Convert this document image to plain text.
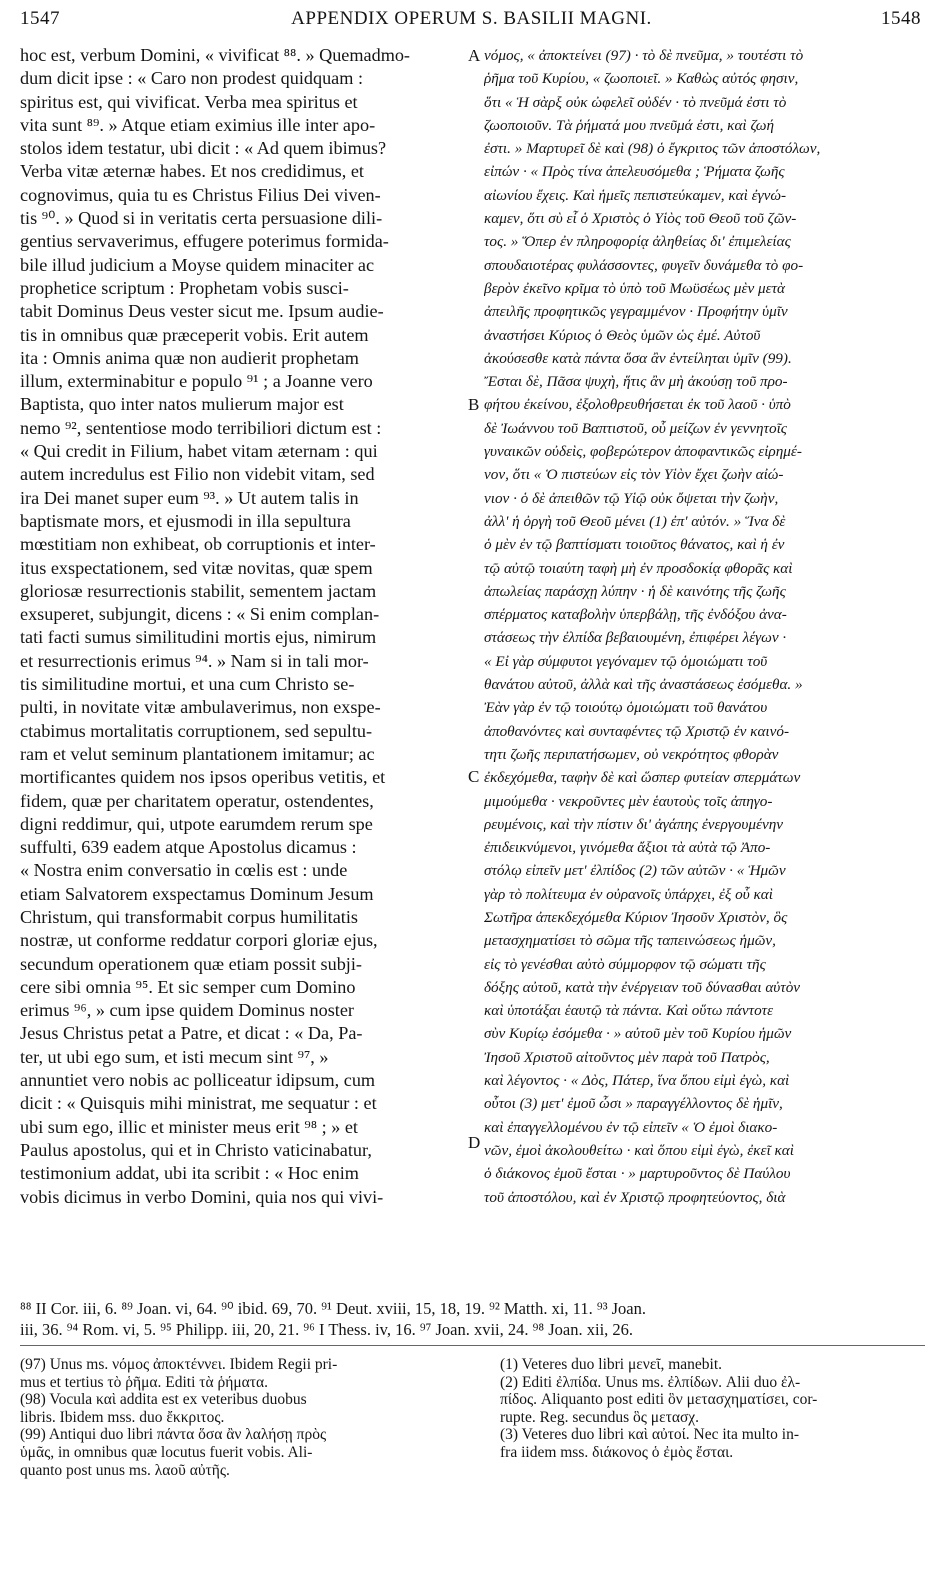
1547	APPENDIX OPERUM S. BASILII MAGNI.	1548
hoc est, verbum Domini, « vivificat ⁸⁸. » Quemadmo-
dum dicit ipse : « Caro non prodest quidquam :
spiritus est, qui vivificat. Verba mea spiritus et
vita sunt ⁸⁹. » Atque etiam eximius ille inter apo-
stolos idem testatur, ubi dicit : « Ad quem ibimus?
Verba vitæ æternæ habes. Et nos credidimus, et
cognovimus, quia tu es Christus Filius Dei viven-
tis ⁹⁰. » Quod si in veritatis certa persuasione dili-
gentius servaverimus, effugere poterimus formida-
bile illud judicium a Moyse quidem minaciter ac
prophetice scriptum : Prophetam vobis susci-
tabit Dominus Deus vester sicut me. Ipsum audie-
tis in omnibus quæ præceperit vobis. Erit autem
ita : Omnis anima quæ non audierit prophetam
illum, exterminabitur e populo ⁹¹ ; a Joanne vero
Baptista, quo inter natos mulierum major est
nemo ⁹², sententiose modo terribiliori dictum est :
« Qui credit in Filium, habet vitam æternam : qui
autem incredulus est Filio non videbit vitam, sed
ira Dei manet super eum ⁹³. » Ut autem talis in
baptismate mors, et ejusmodi in illa sepultura
mœstitiam non exhibeat, ob corruptionis et inter-
itus exspectationem, sed vitæ novitas, quæ spem
gloriosæ resurrectionis stabilit, sementem jactam
exsuperet, subjungit, dicens : « Si enim complan-
tati facti sumus similitudini mortis ejus, nimirum
et resurrectionis erimus ⁹⁴. » Nam si in tali mor-
tis similitudine mortui, et una cum Christo se-
pulti, in novitate vitæ ambulaverimus, non exspe-
ctabimus mortalitatis corruptionem, sed sepultu-
ram et velut seminum plantationem imitamur; ac
mortificantes quidem nos ipsos operibus vetitis, et
fidem, quæ per charitatem operatur, ostendentes,
digni reddimur, qui, utpote earumdem rerum spe
suffulti, 639 eadem atque Apostolus dicamus :
« Nostra enim conversatio in cœlis est : unde
etiam Salvatorem exspectamus Dominum Jesum
Christum, qui transformabit corpus humilitatis
nostræ, ut conforme reddatur corpori gloriæ ejus,
secundum operationem quæ etiam possit subji-
cere sibi omnia ⁹⁵. Et sic semper cum Domino
erimus ⁹⁶, » cum ipse quidem Dominus noster
Jesus Christus petat a Patre, et dicat : « Da, Pa-
ter, ut ubi ego sum, et isti mecum sint ⁹⁷, »
annuntiet vero nobis ac polliceatur idipsum, cum
dicit : « Quisquis mihi ministrat, me sequatur : et
ubi sum ego, illic et minister meus erit ⁹⁸ ; » et
Paulus apostolus, qui et in Christo vaticinabatur,
testimonium addat, ubi ita scribit : « Hoc enim
vobis dicimus in verbo Domini, quia nos qui vivi-
νόμος, « ἀποκτείνει (97) · τὸ δὲ πνεῦμα, » τουτέστι τὸ
ῥῆμα τοῦ Κυρίου, « ζωοποιεῖ. » Καθὼς αὐτός φησιν,
ὅτι « Ἡ σὰρξ οὐκ ὠφελεῖ οὐδέν · τὸ πνεῦμά ἐστι τὸ
ζωοποιοῦν. Τὰ ῥήματά μου πνεῦμά ἐστι, καὶ ζωή
ἐστι. » Μαρτυρεῖ δὲ καὶ (98) ὁ ἔγκριτος τῶν ἀποστόλων,
εἰπών · « Πρὸς τίνα ἀπελευσόμεθα ; Ῥήματα ζωῆς
αἰωνίου ἔχεις. Καὶ ἡμεῖς πεπιστεύκαμεν, καὶ ἐγνώ-
καμεν, ὅτι σὺ εἶ ὁ Χριστὸς ὁ Υἱὸς τοῦ Θεοῦ τοῦ ζῶν-
τος. » Ὅπερ ἐν πληροφορίᾳ ἀληθείας δι' ἐπιμελείας
σπουδαιοτέρας φυλάσσοντες, φυγεῖν δυνάμεθα τὸ φο-
βερὸν ἐκεῖνο κρῖμα τὸ ὑπὸ τοῦ Μωϋσέως μὲν μετὰ
ἀπειλῆς προφητικῶς γεγραμμένον · Προφήτην ὑμῖν
ἀναστήσει Κύριος ὁ Θεὸς ὑμῶν ὡς ἐμέ. Αὐτοῦ
ἀκούσεσθε κατὰ πάντα ὅσα ἂν ἐντείληται ὑμῖν (99).
Ἔσται δὲ, Πᾶσα ψυχὴ, ἥτις ἂν μὴ ἀκούσῃ τοῦ προ-
φήτου ἐκείνου, ἐξολοθρευθήσεται ἐκ τοῦ λαοῦ · ὑπὸ
δὲ Ἰωάννου τοῦ Βαπτιστοῦ, οὗ μείζων ἐν γεννητοῖς
γυναικῶν οὐδεὶς, φοβερώτερον ἀποφαντικῶς εἰρημέ-
νον, ὅτι « Ὁ πιστεύων εἰς τὸν Υἱὸν ἔχει ζωὴν αἰώ-
νιον · ὁ δὲ ἀπειθῶν τῷ Υἱῷ οὐκ ὄψεται τὴν ζωὴν,
ἀλλ' ἡ ὀργὴ τοῦ Θεοῦ μένει (1) ἐπ' αὐτόν. » Ἵνα δὲ
ὁ μὲν ἐν τῷ βαπτίσματι τοιοῦτος θάνατος, καὶ ἡ ἐν
τῷ αὐτῷ τοιαύτη ταφὴ μὴ ἐν προσδοκίᾳ φθορᾶς καὶ
ἀπωλείας παράσχῃ λύπην · ἡ δὲ καινότης τῆς ζωῆς
σπέρματος καταβολὴν ὑπερβάλῃ, τῆς ἐνδόξου ἀνα-
στάσεως τὴν ἐλπίδα βεβαιουμένη, ἐπιφέρει λέγων ·
« Εἰ γὰρ σύμφυτοι γεγόναμεν τῷ ὁμοιώματι τοῦ
θανάτου αὐτοῦ, ἀλλὰ καὶ τῆς ἀναστάσεως ἐσόμεθα. »
Ἐὰν γὰρ ἐν τῷ τοιούτῳ ὁμοιώματι τοῦ θανάτου
ἀποθανόντες καὶ συνταφέντες τῷ Χριστῷ ἐν καινό-
τητι ζωῆς περιπατήσωμεν, οὐ νεκρότητος φθορὰν
ἐκδεχόμεθα, ταφὴν δὲ καὶ ὥσπερ φυτείαν σπερμάτων
μιμούμεθα · νεκροῦντες μὲν ἑαυτοὺς τοῖς ἀπηγο-
ρευμένοις, καὶ τὴν πίστιν δι' ἀγάπης ἐνεργουμένην
ἐπιδεικνύμενοι, γινόμεθα ἄξιοι τὰ αὐτὰ τῷ Ἀπο-
στόλῳ εἰπεῖν μετ' ἐλπίδος (2) τῶν αὐτῶν · « Ἡμῶν
γὰρ τὸ πολίτευμα ἐν οὐρανοῖς ὑπάρχει, ἐξ οὗ καὶ
Σωτῆρα ἀπεκδεχόμεθα Κύριον Ἰησοῦν Χριστὸν, ὃς
μετασχηματίσει τὸ σῶμα τῆς ταπεινώσεως ἡμῶν,
εἰς τὸ γενέσθαι αὐτὸ σύμμορφον τῷ σώματι τῆς
δόξης αὐτοῦ, κατὰ τὴν ἐνέργειαν τοῦ δύνασθαι αὐτὸν
καὶ ὑποτάξαι ἑαυτῷ τὰ πάντα. Καὶ οὕτω πάντοτε
σὺν Κυρίῳ ἐσόμεθα · » αὐτοῦ μὲν τοῦ Κυρίου ἡμῶν
Ἰησοῦ Χριστοῦ αἰτοῦντος μὲν παρὰ τοῦ Πατρὸς,
καὶ λέγοντος · « Δὸς, Πάτερ, ἵνα ὅπου εἰμὶ ἐγὼ, καὶ
οὗτοι (3) μετ' ἐμοῦ ὦσι » παραγγέλλοντος δὲ ἡμῖν,
καὶ ἐπαγγελλομένου ἐν τῷ εἰπεῖν « Ὁ ἐμοὶ διακο-
νῶν, ἐμοὶ ἀκολουθείτω · καὶ ὅπου εἰμὶ ἐγὼ, ἐκεῖ καὶ
ὁ διάκονος ἐμοῦ ἔσται · » μαρτυροῦντος δὲ Παύλου
τοῦ ἀποστόλου, καὶ ἐν Χριστῷ προφητεύοντος, διὰ
A
B
C
D
⁸⁸ II Cor. iii, 6. ⁸⁹ Joan. vi, 64. ⁹⁰ ibid. 69, 70. ⁹¹ Deut. xviii, 15, 18, 19. ⁹² Matth. xi, 11. ⁹³ Joan.
iii, 36. ⁹⁴ Rom. vi, 5. ⁹⁵ Philipp. iii, 20, 21. ⁹⁶ I Thess. iv, 16. ⁹⁷ Joan. xvii, 24. ⁹⁸ Joan. xii, 26.
(97) Unus ms. νόμος ἀποκτέννει. Ibidem Regii pri-
mus et tertius τὸ ῥῆμα. Editi τὰ ῥήματα.
(98) Vocula καὶ addita est ex veteribus duobus
libris. Ibidem mss. duo ἔκκριτος.
(99) Antiqui duo libri πάντα ὅσα ἂν λαλήσῃ πρὸς
ὑμᾶς, in omnibus quæ locutus fuerit vobis. Ali-
quanto post unus ms. λαοῦ αὐτῆς.
(1) Veteres duo libri μενεῖ, manebit.
(2) Editi ἐλπίδα. Unus ms. ἐλπίδων. Alii duo ἐλ-
πίδος. Aliquanto post editi ὃν μετασχηματίσει, cor-
rupte. Reg. secundus ὃς μετασχ.
(3) Veteres duo libri καὶ αὐτοί. Nec ita multo in-
fra iidem mss. διάκονος ὁ ἐμὸς ἔσται.
